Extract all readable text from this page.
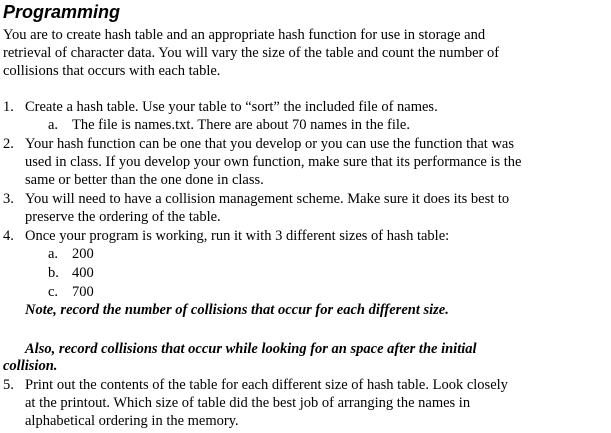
Programming

You are to create hash table and an appropriate hash function for use in storage and

retrieval of character data. You will vary the size of the table and count the number of

collisions that occurs with each table.

1. Create a hash table. Use your table to “sort” the included file of names.

a. The file is names.txt. There are about 70 names in the file.

2. Your hash function can be one that you develop or you can use the function that was

used in class. If you develop your own function, make sure that its performance is the

same or better than the one done in class.

3. You will need to have a collision management scheme. Make sure it does its best to

preserve the ordering of the table.

4. Once your program is working, run it with 3 different sizes of hash table:

a. 200

b. 400

c. 700

Note, record the number of collisions that occur for each different size.

Also, record collisions that occur while looking for an space after the initial

collision.

5. Print out the contents of the table for each different size of hash table. Look closely

at the printout. Which size of table did the best job of arranging the names in

alphabetical ordering in the memory.
